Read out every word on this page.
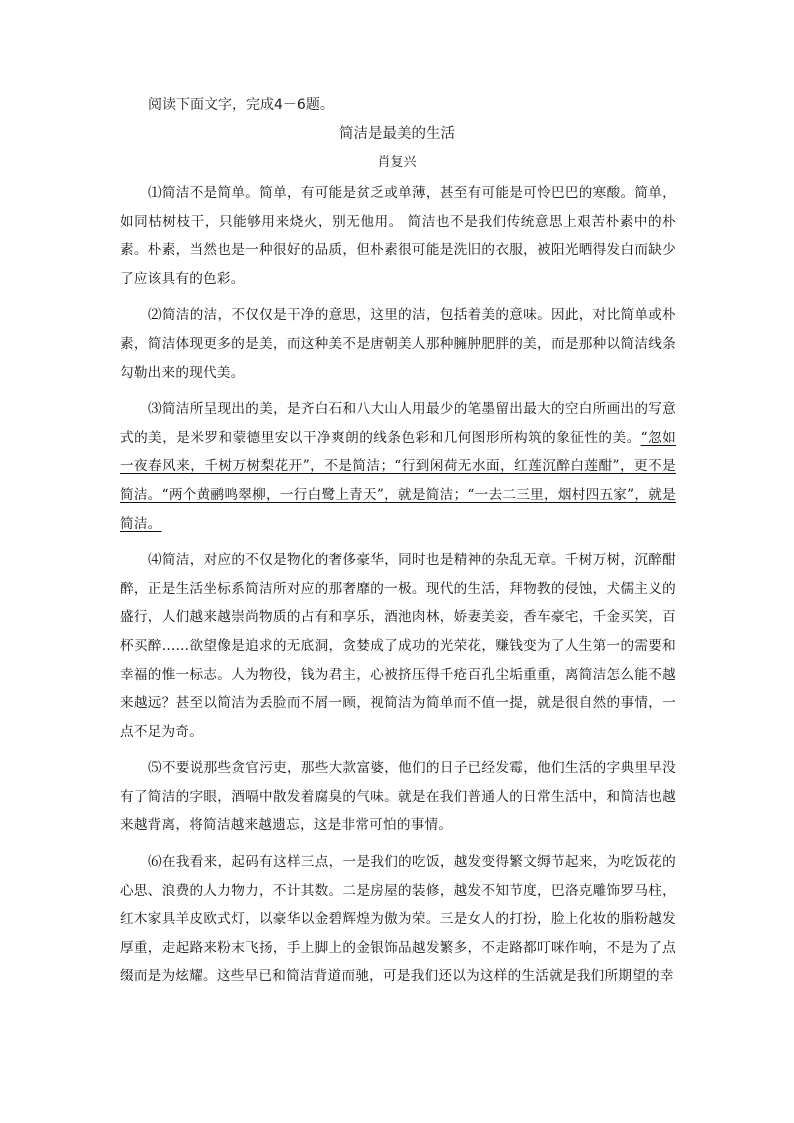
阅读下面文字，完成4－6题。
简洁是最美的生活
肖复兴

⑴简洁不是简单。简单，有可能是贫乏或单薄，甚至有可能是可怜巴巴的寒酸。简单，如同枯树枝干，只能够用来烧火，别无他用。 简洁也不是我们传统意思上艰苦朴素中的朴素。朴素，当然也是一种很好的品质，但朴素很可能是洗旧的衣服，被阳光晒得发白而缺少了应该具有的色彩。

⑵简洁的洁，不仅仅是干净的意思，这里的洁，包括着美的意味。因此，对比简单或朴素，简洁体现更多的是美，而这种美不是唐朝美人那种臃肿肥胖的美，而是那种以简洁线条勾勒出来的现代美。

⑶简洁所呈现出的美，是齐白石和八大山人用最少的笔墨留出最大的空白所画出的写意式的美，是米罗和蒙德里安以干净爽朗的线条色彩和几何图形所构筑的象征性的美。“忽如一夜春风来，千树万树梨花开”，不是简洁；“行到闲荷无水面，红莲沉醉白莲酣”，更不是简洁。“两个黄鹂鸣翠柳，一行白鹭上青天”，就是简洁；“一去二三里，烟村四五家”，就是简洁。

⑷简洁，对应的不仅是物化的奢侈豪华，同时也是精神的杂乱无章。千树万树，沉醉酣醉，正是生活坐标系简洁所对应的那奢靡的一极。现代的生活，拜物教的侵蚀，犬儒主义的盛行，人们越来越崇尚物质的占有和享乐，酒池肉林，娇妻美妾，香车豪宅，千金买笑，百杯买醉……欲望像是追求的无底洞，贪婪成了成功的光荣花，赚钱变为了人生第一的需要和幸福的惟一标志。人为物役，钱为君主，心被挤压得千疮百孔尘垢重重，离简洁怎么能不越来越远？甚至以简洁为丢脸而不屑一顾，视简洁为简单而不值一提，就是很自然的事情，一点不足为奇。

⑸不要说那些贪官污吏，那些大款富婆，他们的日子已经发霉，他们生活的字典里早没有了简洁的字眼，酒嗝中散发着腐臭的气味。就是在我们普通人的日常生活中，和简洁也越来越背离，将简洁越来越遗忘，这是非常可怕的事情。

⑹在我看来，起码有这样三点，一是我们的吃饭，越发变得繁文缛节起来，为吃饭花的心思、浪费的人力物力，不计其数。二是房屋的装修，越发不知节度，巴洛克雕饰罗马柱，红木家具羊皮欧式灯，以豪华以金碧辉煌为傲为荣。三是女人的打扮，脸上化妆的脂粉越发厚重，走起路来粉末飞扬，手上脚上的金银饰品越发繁多，不走路都叮咪作响，不是为了点缀而是为炫耀。这些早已和简洁背道而驰，可是我们还以为这样的生活就是我们所期望的幸
